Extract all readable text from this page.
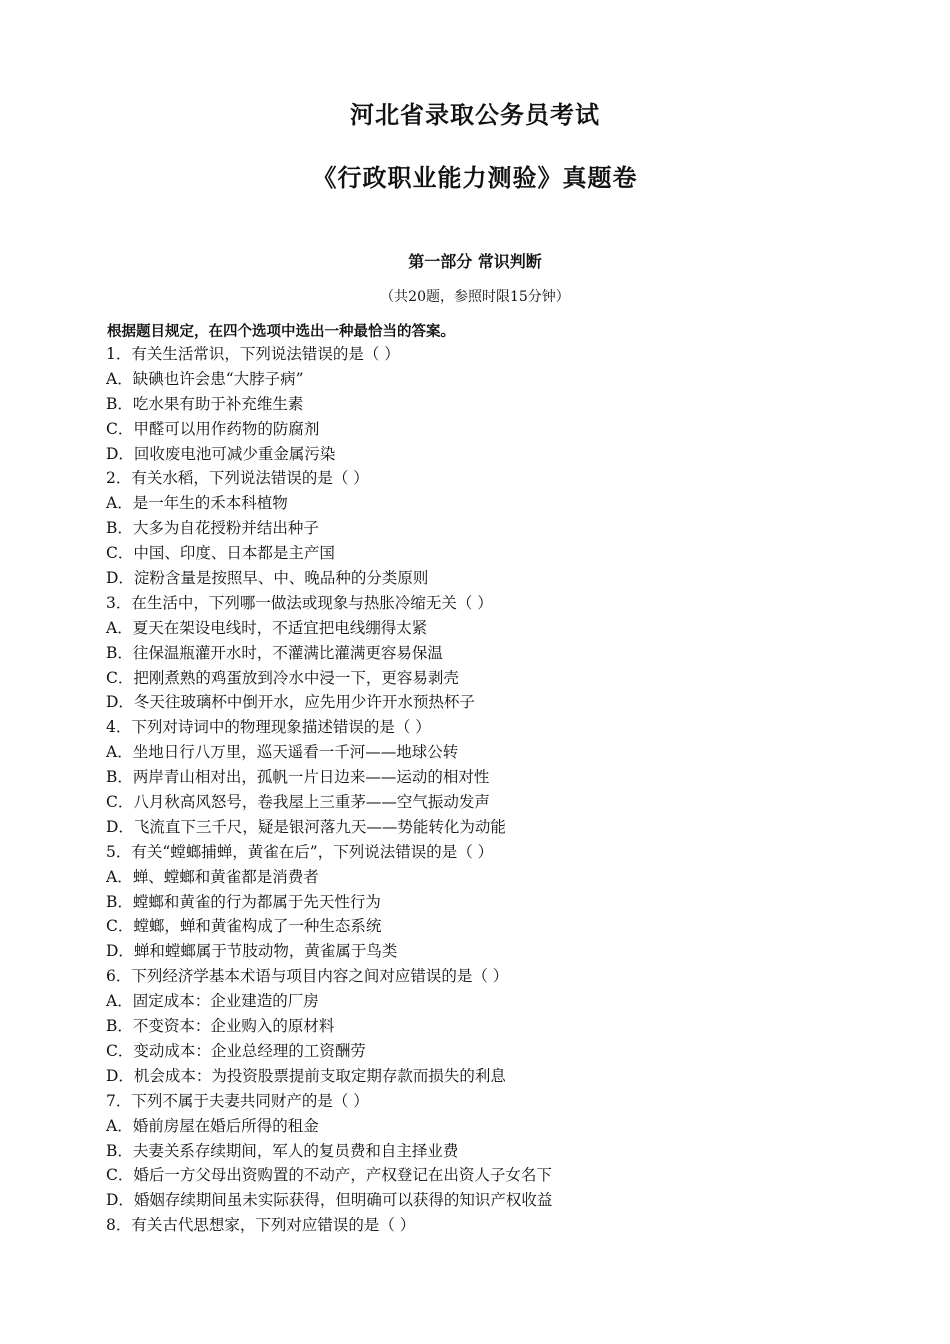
河北省录取公务员考试
《行政职业能力测验》真题卷
第一部分 常识判断
（共20题，参照时限15分钟）
根据题目规定，在四个选项中选出一种最恰当的答案。
1．有关生活常识，下列说法错误的是（ ）
A．缺碘也许会患“大脖子病”
B．吃水果有助于补充维生素
C．甲醛可以用作药物的防腐剂
D．回收废电池可减少重金属污染
2．有关水稻，下列说法错误的是（ ）
A．是一年生的禾本科植物
B．大多为自花授粉并结出种子
C．中国、印度、日本都是主产国
D．淀粉含量是按照早、中、晚品种的分类原则
3．在生活中，下列哪一做法或现象与热胀冷缩无关（ ）
A．夏天在架设电线时，不适宜把电线绷得太紧
B．往保温瓶灌开水时，不灌满比灌满更容易保温
C．把刚煮熟的鸡蛋放到冷水中浸一下，更容易剥壳
D．冬天往玻璃杯中倒开水，应先用少许开水预热杯子
4．下列对诗词中的物理现象描述错误的是（ ）
A．坐地日行八万里，巡天遥看一千河——地球公转
B．两岸青山相对出，孤帆一片日边来——运动的相对性
C．八月秋高风怒号，卷我屋上三重茅——空气振动发声
D．飞流直下三千尺，疑是银河落九天——势能转化为动能
5．有关“螳螂捕蝉，黄雀在后”，下列说法错误的是（ ）
A．蝉、螳螂和黄雀都是消费者
B．螳螂和黄雀的行为都属于先天性行为
C．螳螂，蝉和黄雀构成了一种生态系统
D．蝉和螳螂属于节肢动物，黄雀属于鸟类
6．下列经济学基本术语与项目内容之间对应错误的是（ ）
A．固定成本：企业建造的厂房
B．不变资本：企业购入的原材料
C．变动成本：企业总经理的工资酬劳
D．机会成本：为投资股票提前支取定期存款而损失的利息
7．下列不属于夫妻共同财产的是（ ）
A．婚前房屋在婚后所得的租金
B．夫妻关系存续期间，军人的复员费和自主择业费
C．婚后一方父母出资购置的不动产，产权登记在出资人子女名下
D．婚姻存续期间虽未实际获得，但明确可以获得的知识产权收益
8．有关古代思想家，下列对应错误的是（ ）
